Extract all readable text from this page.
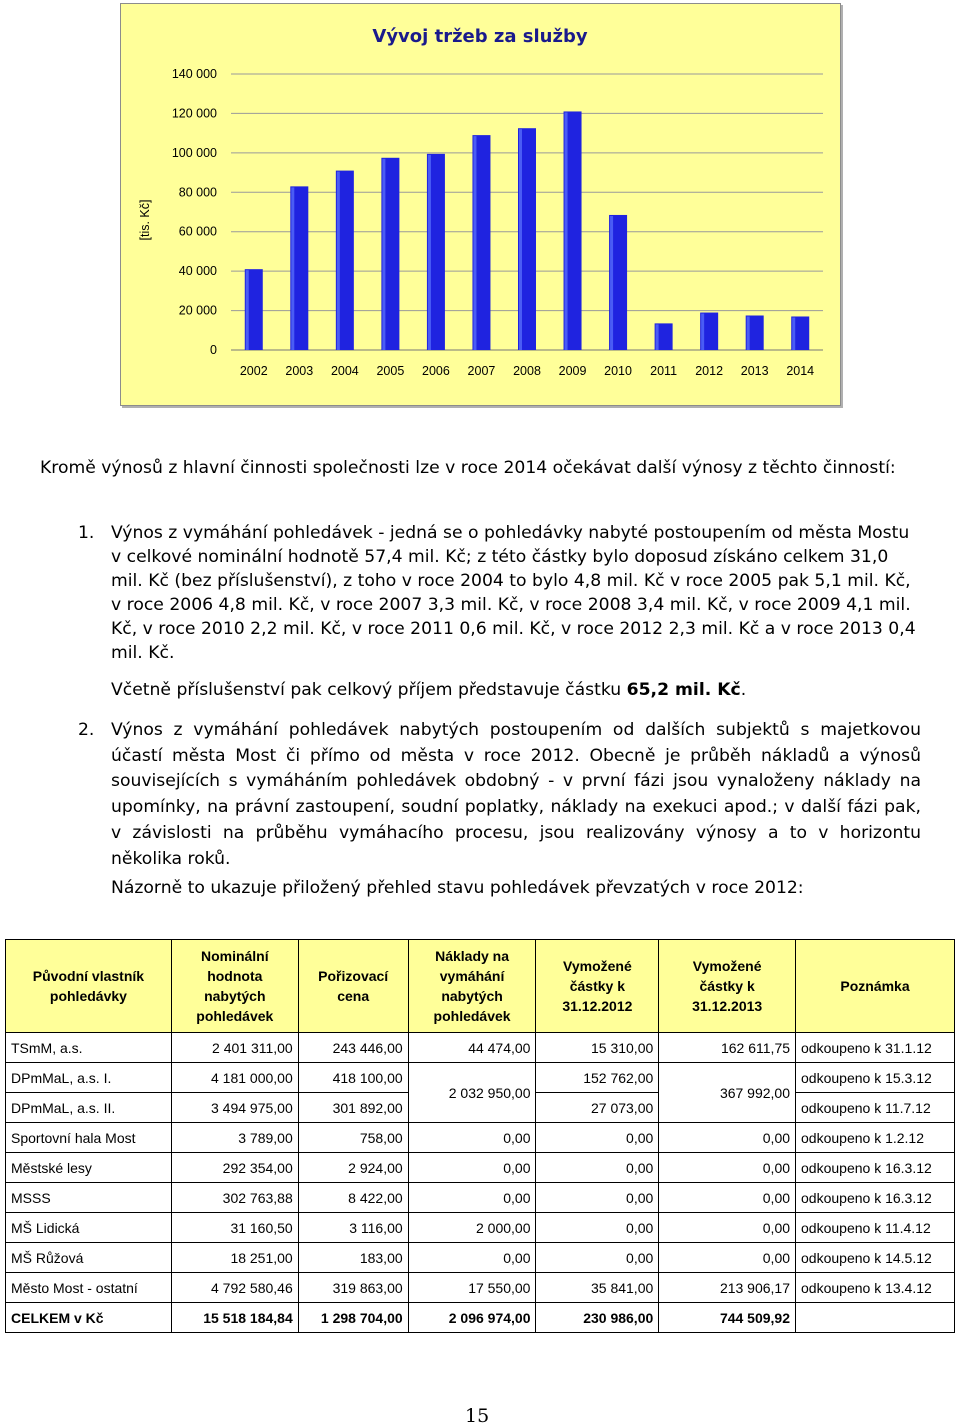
Vývoj tržeb za služby
0
20 000
40 000
60 000
80 000
100 000
120 000
140 000
2002 2003 2004 2005 2006 2007 2008 2009 2010 2011 2012 2013 2014
[tis. Kč]
Kromě výnosů z hlavní činnosti společnosti lze v roce 2014 očekávat další výnosy z těchto činností:
1. Výnos z vymáhání pohledávek - jedná se o pohledávky nabyté postoupením od města Mostu v celkové nominální hodnotě 57,4 mil. Kč; z této částky bylo doposud získáno celkem 31,0 mil. Kč (bez příslušenství), z toho v roce 2004 to bylo 4,8 mil. Kč v roce 2005 pak 5,1 mil. Kč, v roce 2006 4,8 mil. Kč, v roce 2007 3,3 mil. Kč, v roce 2008 3,4 mil. Kč, v roce 2009 4,1 mil. Kč, v roce 2010 2,2 mil. Kč, v roce 2011 0,6 mil. Kč, v roce 2012 2,3 mil. Kč a v roce 2013 0,4 mil. Kč.
Včetně příslušenství pak celkový příjem představuje částku 65,2 mil. Kč.
2. Výnos z vymáhání pohledávek nabytých postoupením od dalších subjektů s majetkovou účastí města Most či přímo od města v roce 2012. Obecně je průběh nákladů a výnosů souvisejících s vymáháním pohledávek obdobný - v první fázi jsou vynaloženy náklady na upomínky, na právní zastoupení, soudní poplatky, náklady na exekuci apod.; v další fázi pak, v závislosti na průběhu vymáhacího procesu, jsou realizovány výnosy a to v horizontu několika roků.
Názorně to ukazuje přiložený přehled stavu pohledávek převzatých v roce 2012:
Původní vlastník
pohledávky	Nominální
hodnota
nabytých
pohledávek	Pořizovací
cena	Náklady na
vymáhání
nabytých
pohledávek	Vymožené
částky k
31.12.2012	Vymožené
částky k
31.12.2013	Poznámka
TSmM, a.s.	2 401 311,00	243 446,00	44 474,00	15 310,00	162 611,75	odkoupeno k 31.1.12
DPmMaL, a.s. I.	4 181 000,00	418 100,00	2 032 950,00	152 762,00	367 992,00	odkoupeno k 15.3.12
DPmMaL, a.s. II.	3 494 975,00	301 892,00		27 073,00		odkoupeno k 11.7.12
Sportovní hala Most	3 789,00	758,00	0,00	0,00	0,00	odkoupeno k 1.2.12
Městské lesy	292 354,00	2 924,00	0,00	0,00	0,00	odkoupeno k 16.3.12
MSSS	302 763,88	8 422,00	0,00	0,00	0,00	odkoupeno k 16.3.12
MŠ Lidická	31 160,50	3 116,00	2 000,00	0,00	0,00	odkoupeno k 11.4.12
MŠ Růžová	18 251,00	183,00	0,00	0,00	0,00	odkoupeno k 14.5.12
Město Most - ostatní	4 792 580,46	319 863,00	17 550,00	35 841,00	213 906,17	odkoupeno k 13.4.12
CELKEM v Kč	15 518 184,84	1 298 704,00	2 096 974,00	230 986,00	744 509,92	
15
